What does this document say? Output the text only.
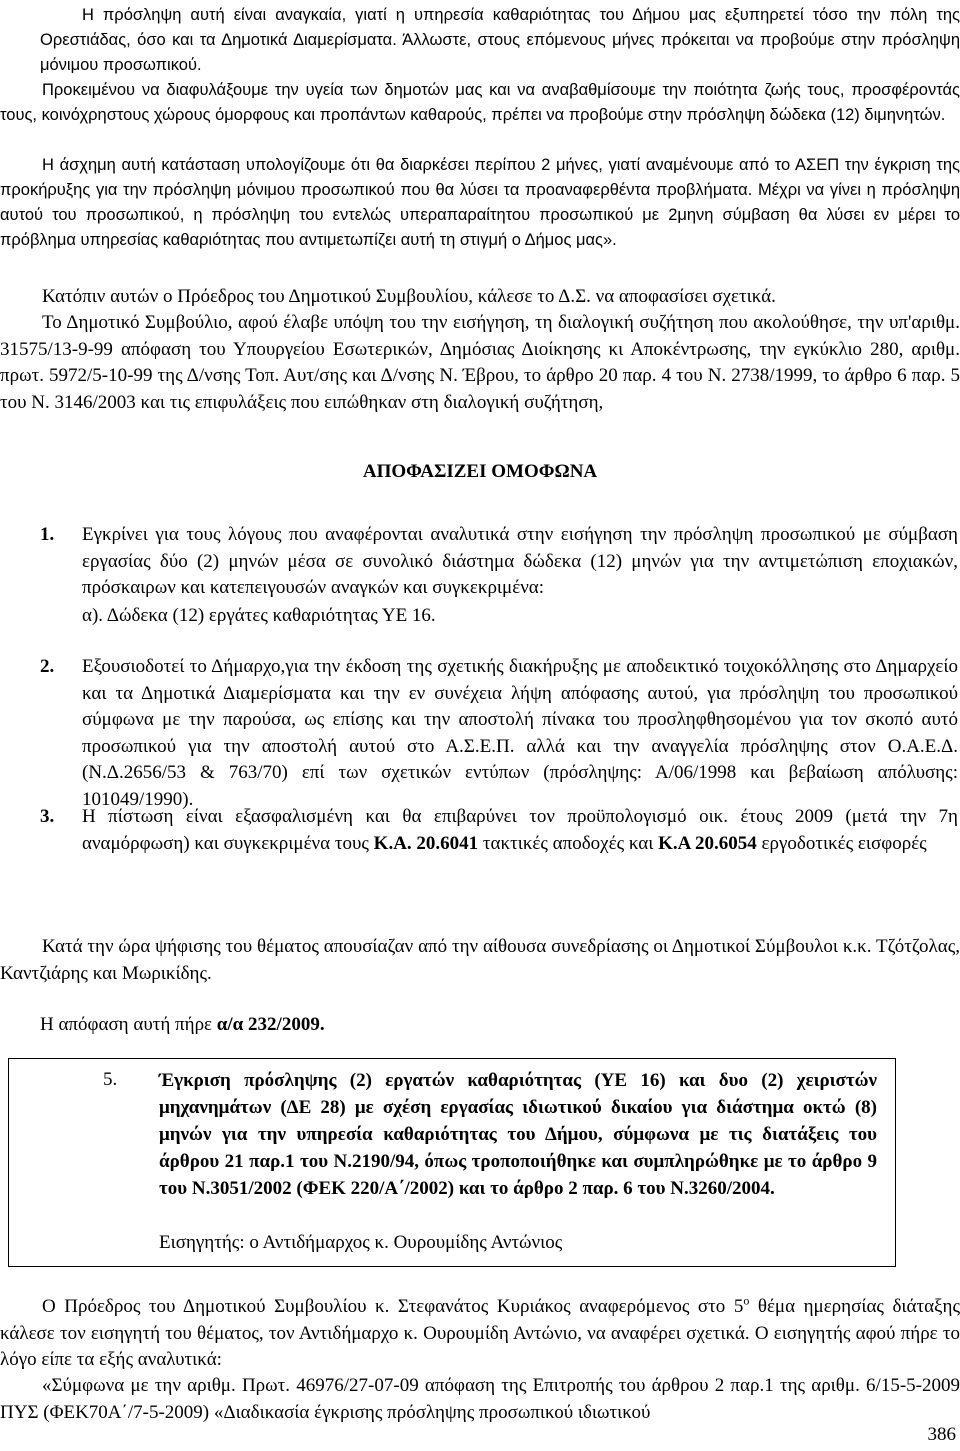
Η πρόσληψη αυτή είναι αναγκαία, γιατί η υπηρεσία καθαριότητας του Δήμου μας εξυπηρετεί τόσο την πόλη της Ορεστιάδας, όσο και τα Δημοτικά Διαμερίσματα. Άλλωστε, στους επόμενους μήνες πρόκειται να προβούμε στην πρόσληψη μόνιμου προσωπικού.

Προκειμένου να διαφυλάξουμε την υγεία των δημοτών μας και να αναβαθμίσουμε την ποιότητα ζωής τους, προσφέροντάς τους, κοινόχρηστους χώρους όμορφους και προπάντων καθαρούς, πρέπει να προβούμε στην πρόσληψη δώδεκα (12) διμηνητών.

Η άσχημη αυτή κατάσταση υπολογίζουμε ότι θα διαρκέσει περίπου 2 μήνες, γιατί αναμένουμε από το ΑΣΕΠ την έγκριση της προκήρυξης για την πρόσληψη μόνιμου προσωπικού που θα λύσει τα προαναφερθέντα προβλήματα. Μέχρι να γίνει η πρόσληψη αυτού του προσωπικού, η πρόσληψη του εντελώς υπεραπαραίτητου προσωπικού με 2μηνη σύμβαση θα λύσει εν μέρει το πρόβλημα υπηρεσίας καθαριότητας που αντιμετωπίζει αυτή τη στιγμή ο Δήμος μας».

Κατόπιν αυτών ο Πρόεδρος του Δημοτικού Συμβουλίου, κάλεσε το Δ.Σ. να αποφασίσει σχετικά.

Το Δημοτικό Συμβούλιο, αφού έλαβε υπόψη του την εισήγηση, τη διαλογική συζήτηση που ακολούθησε, την υπ'αριθμ. 31575/13-9-99 απόφαση του Υπουργείου Εσωτερικών, Δημόσιας Διοίκησης κι Αποκέντρωσης, την εγκύκλιο 280, αριθμ. πρωτ. 5972/5-10-99 της Δ/νσης Τοπ. Αυτ/σης και Δ/νσης Ν. Έβρου, το άρθρο 20 παρ. 4 του Ν. 2738/1999, το άρθρο 6 παρ. 5 του Ν. 3146/2003 και τις επιφυλάξεις που ειπώθηκαν στη διαλογική συζήτηση,

ΑΠΟΦΑΣΙΖΕΙ ΟΜΟΦΩΝΑ
1. Εγκρίνει για τους λόγους που αναφέρονται αναλυτικά στην εισήγηση την πρόσληψη προσωπικού με σύμβαση εργασίας δύο (2) μηνών μέσα σε συνολικό διάστημα δώδεκα (12) μηνών για την αντιμετώπιση εποχιακών, πρόσκαιρων και κατεπειγουσών αναγκών και συγκεκριμένα:

α). Δώδεκα (12) εργάτες καθαριότητας ΥΕ 16.

2. Εξουσιοδοτεί το Δήμαρχο,για την έκδοση της σχετικής διακήρυξης με αποδεικτικό τοιχοκόλλησης στο Δημαρχείο και τα Δημοτικά Διαμερίσματα και την εν συνέχεια λήψη απόφασης αυτού, για πρόσληψη του προσωπικού σύμφωνα με την παρούσα, ως επίσης και την αποστολή πίνακα του προσληφθησομένου για τον σκοπό αυτό προσωπικού για την αποστολή αυτού στο Α.Σ.Ε.Π. αλλά και την αναγγελία πρόσληψης στον Ο.Α.Ε.Δ. (Ν.Δ.2656/53 & 763/70) επί των σχετικών εντύπων (πρόσληψης: Α/06/1998 και βεβαίωση απόλυσης: 101049/1990).

3. Η πίστωση είναι εξασφαλισμένη και θα επιβαρύνει τον προϋπολογισμό οικ. έτους 2009 (μετά την 7η αναμόρφωση) και συγκεκριμένα τους Κ.Α. 20.6041 τακτικές αποδοχές και Κ.Α 20.6054 εργοδοτικές εισφορές

Κατά την ώρα ψήφισης του θέματος απουσίαζαν από την αίθουσα συνεδρίασης οι Δημοτικοί Σύμβουλοι κ.κ. Τζότζολας, Καντζιάρης και Μωρικίδης.

Η απόφαση αυτή πήρε α/α 232/2009.

5. Έγκριση πρόσληψης (2) εργατών καθαριότητας (ΥΕ 16) και δυο (2) χειριστών μηχανημάτων (ΔΕ 28) με σχέση εργασίας ιδιωτικού δικαίου για διάστημα οκτώ (8) μηνών για την υπηρεσία καθαριότητας του Δήμου, σύμφωνα με τις διατάξεις του άρθρου 21 παρ.1 του Ν.2190/94, όπως τροποποιήθηκε και συμπληρώθηκε με το άρθρο 9 του Ν.3051/2002 (ΦΕΚ 220/Α΄/2002) και το άρθρο 2 παρ. 6 του Ν.3260/2004.
Εισηγητής: ο Αντιδήμαρχος κ. Ουρουμίδης Αντώνιος

Ο Πρόεδρος του Δημοτικού Συμβουλίου κ. Στεφανάτος Κυριάκος αναφερόμενος στο $5^o$ θέμα ημερησίας διάταξης κάλεσε τον εισηγητή του θέματος, τον Αντιδήμαρχο κ. Ουρουμίδη Αντώνιο, να αναφέρει σχετικά. Ο εισηγητής αφού πήρε το λόγο είπε τα εξής αναλυτικά:

«Σύμφωνα με την αριθμ. Πρωτ. 46976/27-07-09 απόφαση της Επιτροπής του άρθρου 2 παρ.1 της αριθμ. 6/15-5-2009 ΠΥΣ (ΦΕΚ70Α΄/7-5-2009) «Διαδικασία έγκρισης πρόσληψης προσωπικού ιδιωτικού

386
